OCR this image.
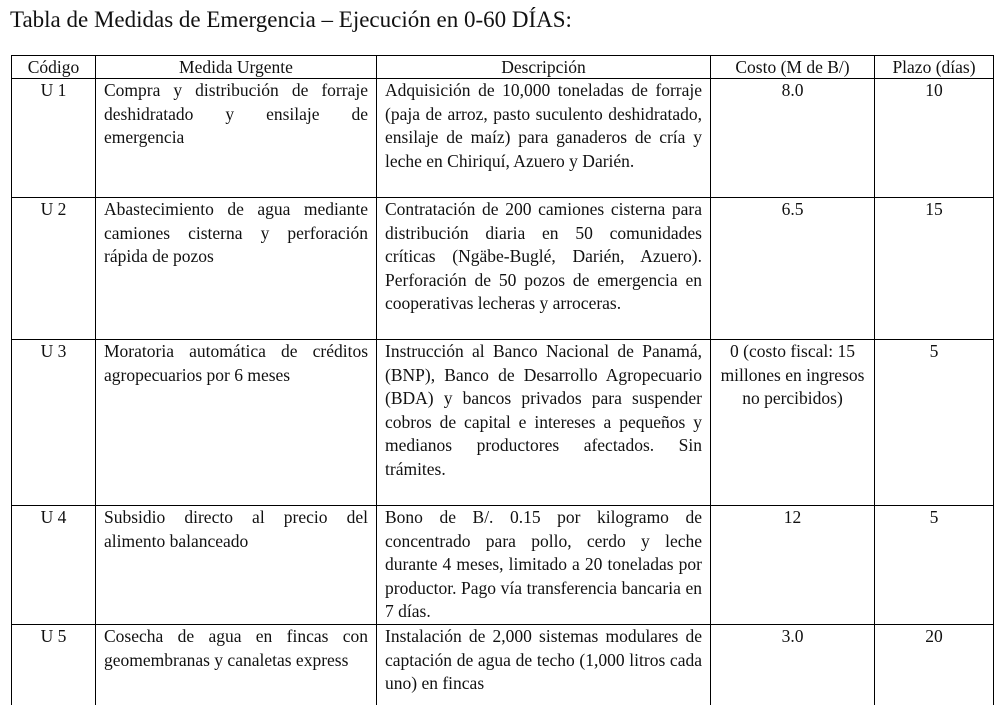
Tabla de Medidas de Emergencia – Ejecución en 0-60 DÍAS:
Código	Medida Urgente	Descripción	Costo (M de B/)	Plazo (días)
U 1	Compra y distribución de forraje deshidratado y ensilaje de emergencia	Adquisición de 10,000 toneladas de forraje (paja de arroz, pasto suculento deshidratado, ensilaje de maíz) para ganaderos de cría y leche en Chiriquí, Azuero y Darién.	8.0	10
U 2	Abastecimiento de agua mediante camiones cisterna y perforación rápida de pozos	Contratación de 200 camiones cisterna para distribución diaria en 50 comunidades críticas (Ngäbe-Buglé, Darién, Azuero). Perforación de 50 pozos de emergencia en cooperativas lecheras y arroceras.	6.5	15
U 3	Moratoria automática de créditos agropecuarios por 6 meses	Instrucción al Banco Nacional de Panamá, (BNP), Banco de Desarrollo Agropecuario (BDA) y bancos privados para suspender cobros de capital e intereses a pequeños y medianos productores afectados. Sin trámites.	0 (costo fiscal: 15 millones en ingresos no percibidos)	5
U 4	Subsidio directo al precio del alimento balanceado	Bono de B/. 0.15 por kilogramo de concentrado para pollo, cerdo y leche durante 4 meses, limitado a 20 toneladas por productor. Pago vía transferencia bancaria en 7 días.	12	5
U 5	Cosecha de agua en fincas con geomembranas y canaletas express	Instalación de 2,000 sistemas modulares de captación de agua de techo (1,000 litros cada uno) en fincas	3.0	20
